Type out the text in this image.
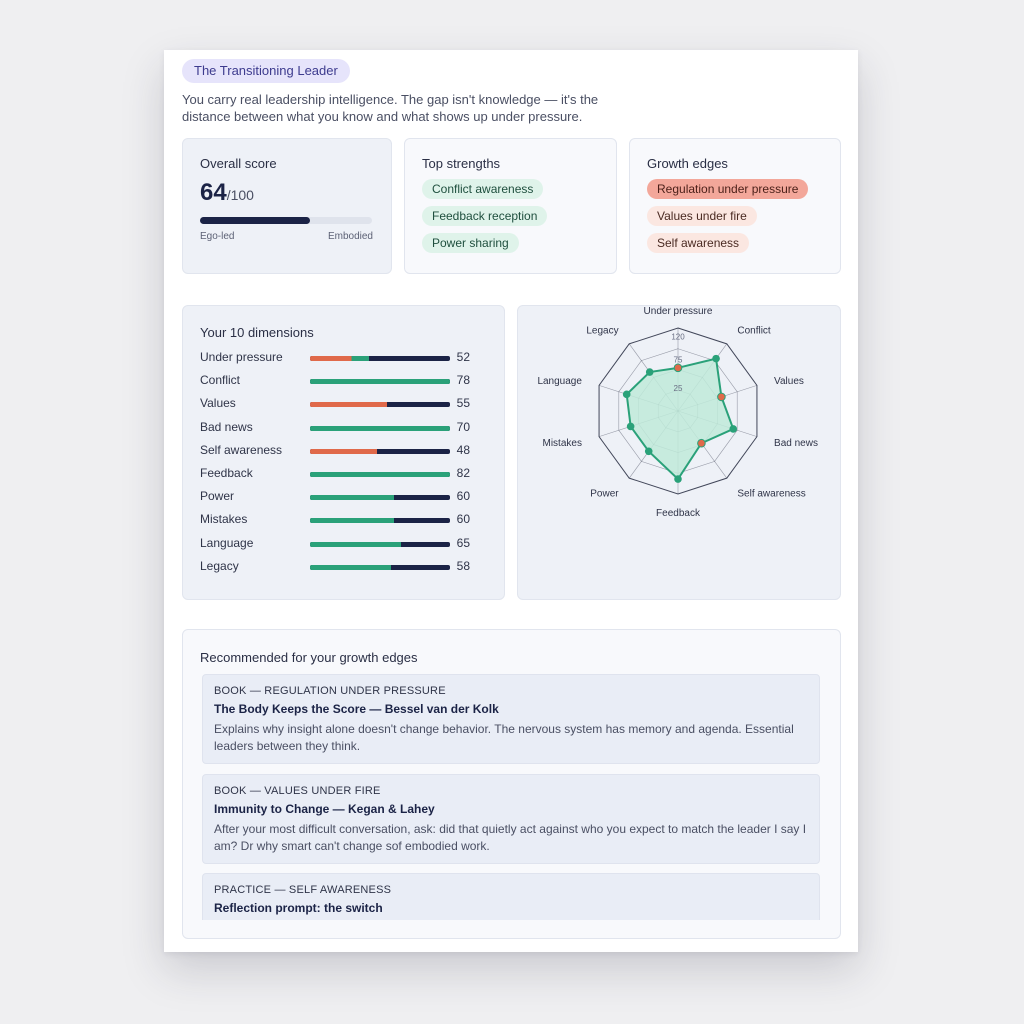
The Transitioning Leader
You carry real leadership intelligence. The gap isn't knowledge — it's the distance between what you know and what shows up under pressure.
Overall score
64/100
Ego-led	Embodied
Top strengths
Conflict awareness
Feedback reception
Power sharing
Growth edges
Regulation under pressure
Values under fire
Self awareness
Your 10 dimensions
Under pressure	52
Conflict	78
Values	55
Bad news	70
Self awareness	48
Feedback	82
Power	60
Mistakes	60
Language	65
Legacy	58
25
75
120
Under pressure
Conflict
Values
Bad news
Self awareness
Feedback
Power
Mistakes
Language
Legacy
Recommended for your growth edges
BOOK — REGULATION UNDER PRESSURE
The Body Keeps the Score — Bessel van der Kolk
Explains why insight alone doesn't change behavior. The nervous system has memory and agenda. Essential leaders between they think.
BOOK — VALUES UNDER FIRE
Immunity to Change — Kegan & Lahey
After your most difficult conversation, ask: did that quietly act against who you expect to match the leader I say I am? Dr why smart can't change sof embodied work.
PRACTICE — SELF AWARENESS
Reflection prompt: the switch
